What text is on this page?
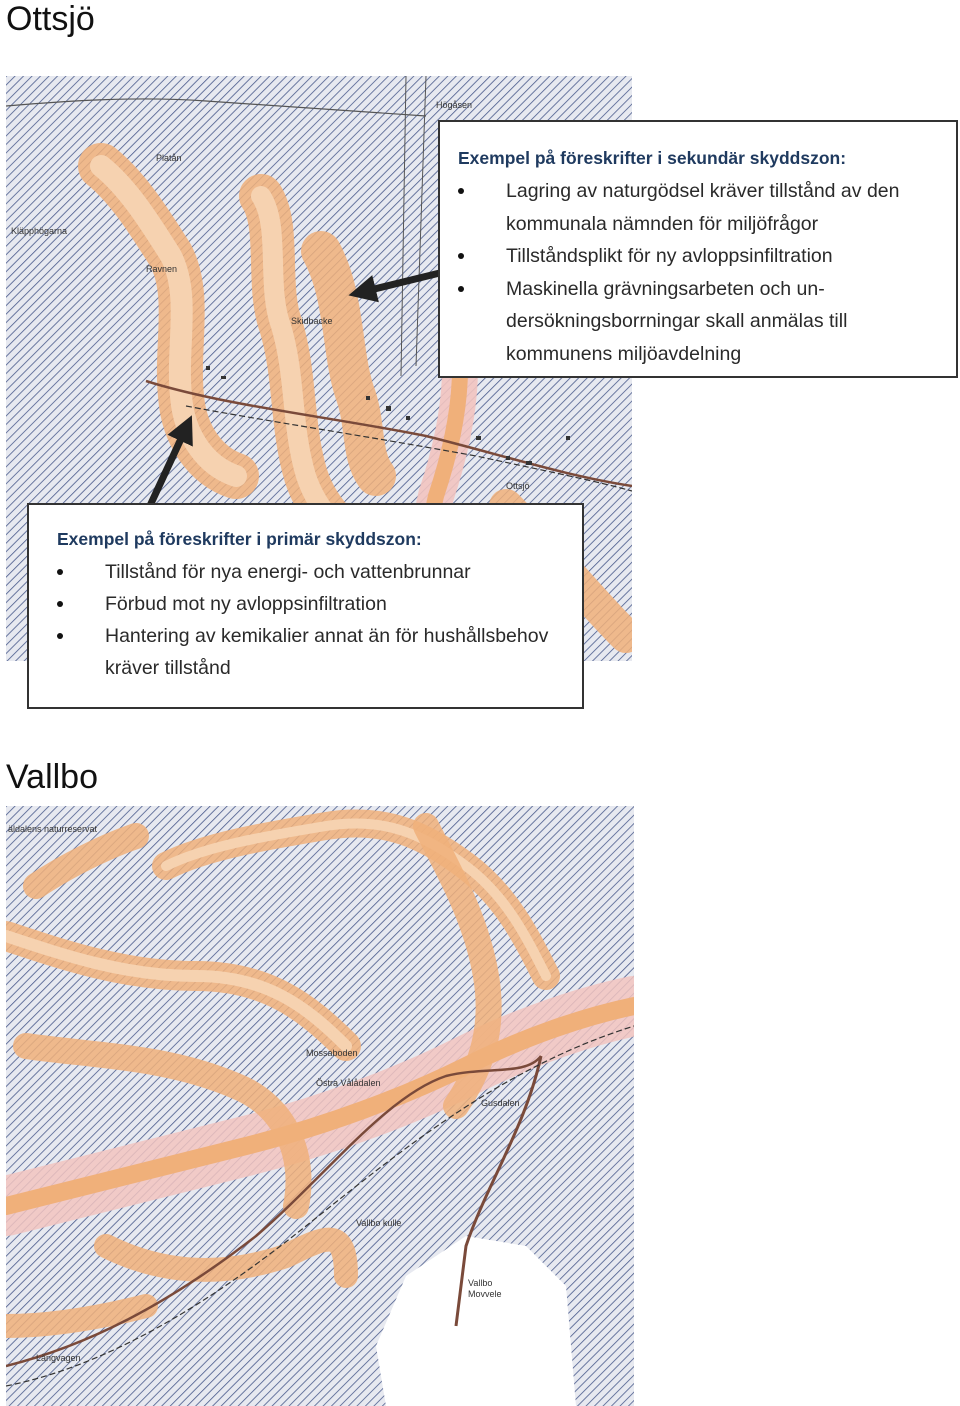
Ottsjö
Platån
Högåsen
Kläpphögarna
Ravnen
Skidbacke
Ottsjö
äldalens naturreservat
Mossaboden
Östra Vålådalen
Gusdalen
Vallbo kulle
Vallbo
Movvele
Långvagen
Vallbo
Exempel på föreskrifter i sekundär skyddszon:
Lagring av naturgödsel kräver tillstånd av den kommunala nämnden för miljöfrågor
Tillståndsplikt för ny avloppsinfiltration
Maskinella grävningsarbeten och un-dersökningsborrningar skall anmälas till kommunens miljöavdelning
Exempel på föreskrifter i primär skyddszon:
Tillstånd för nya energi- och vattenbrunnar
Förbud mot ny avloppsinfiltration
Hantering av kemikalier annat än för hushållsbehov kräver tillstånd
